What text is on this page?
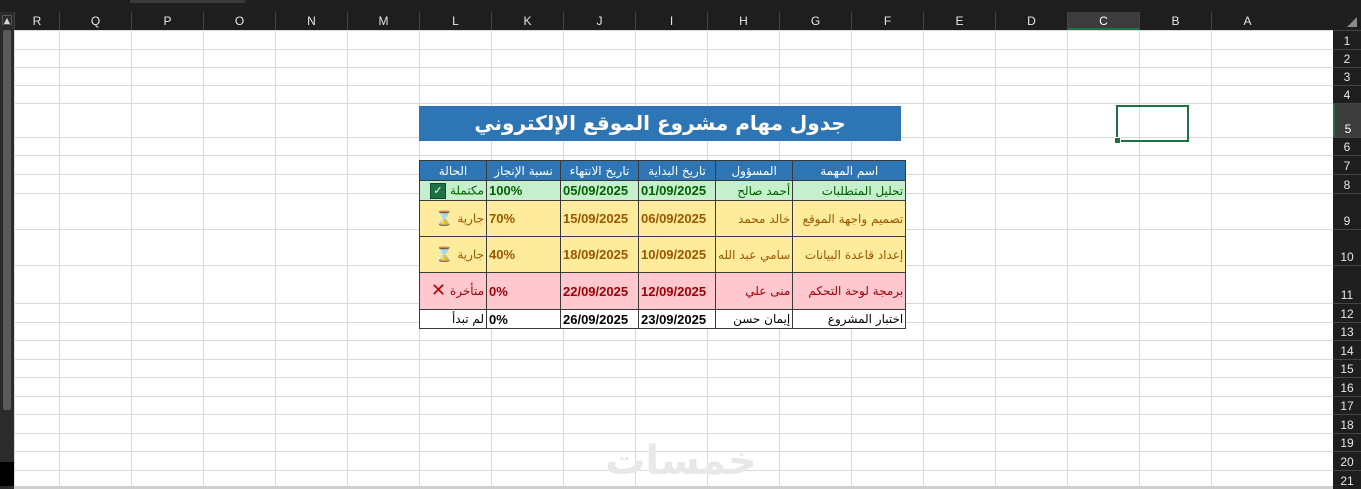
▲	R	Q	P	O	N	M	L	K	J	I	H	G	F	E	D	C	B	A
1
2
3
4
5
6
7
8
9
10
11
12
13
14
15
16
17
18
19
20
21
جدول مهام مشروع الموقع الإلكتروني
اسم المهمة	المسؤول	تاريخ البداية	تاريخ الانتهاء	نسبة الإنجاز	الحالة
تحليل المتطلبات	أحمد صالح	01/09/2025	05/09/2025	100%	مكتملة✓
تصميم واجهة الموقع	خالد محمد	06/09/2025	15/09/2025	70%	جارية⌛
إعداد قاعدة البيانات	سامي عبد الله	10/09/2025	18/09/2025	40%	جارية⌛
برمجة لوحة التحكم	منى علي	12/09/2025	22/09/2025	0%	متأخرة✕
اختبار المشروع	إيمان حسن	23/09/2025	26/09/2025	0%	لم تبدأ
خمسات
